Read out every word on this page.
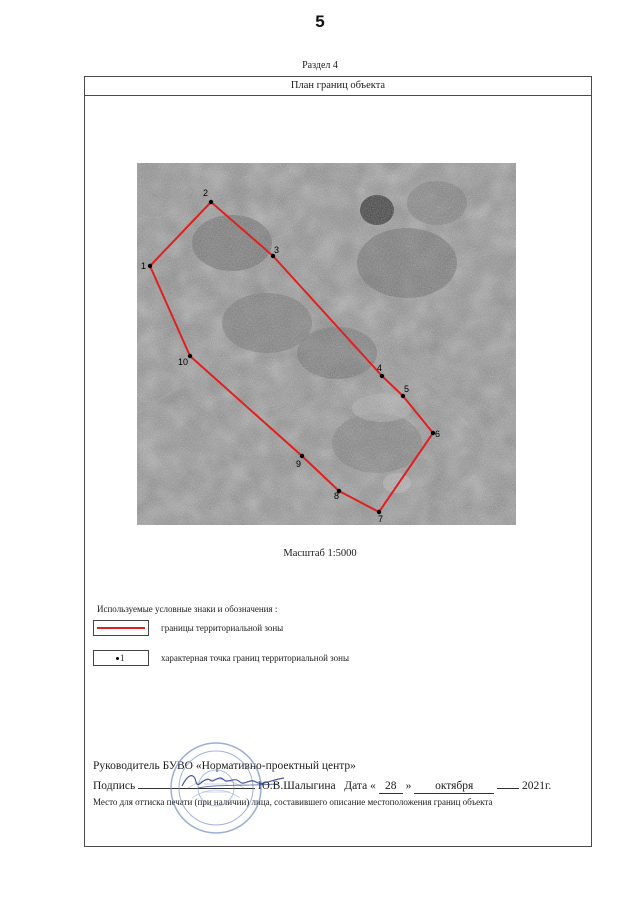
5
Раздел 4
План границ объекта
1
2
3
4
5
6
7
8
9
10
Масштаб 1:5000
Используемые условные знаки и обозначения :
границы территориальной зоны
1	характерная точка границ территориальной зоны
Руководитель БУВО «Нормативно-проектный центр»
Подпись	Ю.В.Шалыгина Дата « 28 » октября	2021г.
Место для оттиска печати (при наличии) лица, составившего описание местоположения границ объекта
